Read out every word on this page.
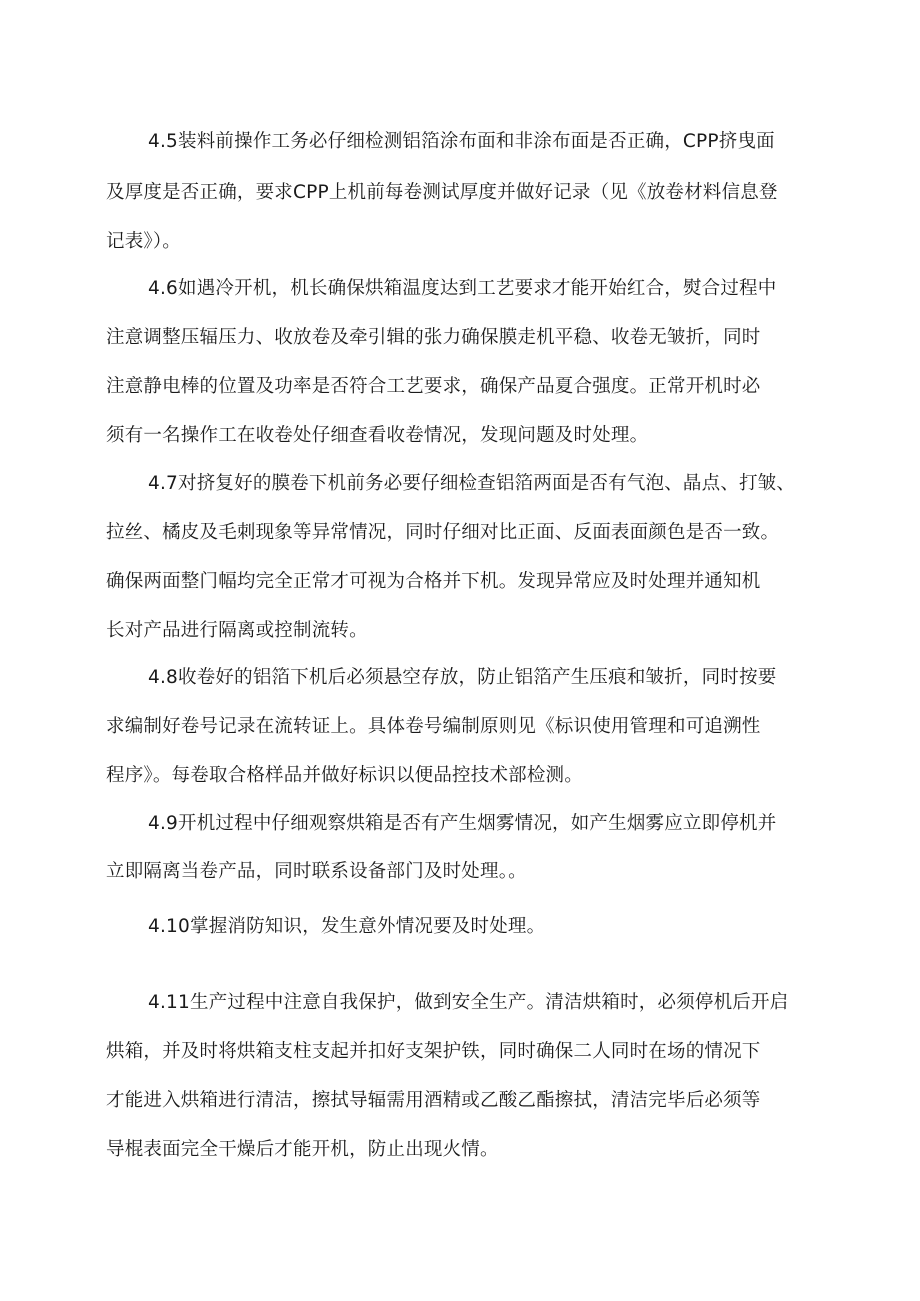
4.5装料前操作工务必仔细检测铝箔涂布面和非涂布面是否正确，CPP挤曳面
及厚度是否正确，要求CPP上机前每卷测试厚度并做好记录（见《放卷材料信息登
记表》）。
4.6如遇冷开机，机长确保烘箱温度达到工艺要求才能开始红合，熨合过程中
注意调整压辐压力、收放卷及牵引辑的张力确保膜走机平稳、收卷无皱折，同时
注意静电棒的位置及功率是否符合工艺要求，确保产品夏合强度。正常开机时必
须有一名操作工在收卷处仔细查看收卷情况，发现问题及时处理。
4.7对挤复好的膜卷下机前务必要仔细检查铝箔两面是否有气泡、晶点、打皱、
拉丝、橘皮及毛刺现象等异常情况，同时仔细对比正面、反面表面颜色是否一致。
确保两面整门幅均完全正常才可视为合格并下机。发现异常应及时处理并通知机
长对产品进行隔离或控制流转。
4.8收卷好的铝箔下机后必须悬空存放，防止铝箔产生压痕和皱折，同时按要
求编制好卷号记录在流转证上。具体卷号编制原则见《标识使用管理和可追溯性
程序》。每卷取合格样品并做好标识以便品控技术部检测。
4.9开机过程中仔细观察烘箱是否有产生烟雾情况，如产生烟雾应立即停机并
立即隔离当卷产品，同时联系设备部门及时处理。。
4.10掌握消防知识，发生意外情况要及时处理。
4.11生产过程中注意自我保护，做到安全生产。清洁烘箱时，必须停机后开启
烘箱，并及时将烘箱支柱支起并扣好支架护铁，同时确保二人同时在场的情况下
才能进入烘箱进行清洁，擦拭导辐需用酒精或乙酸乙酯擦拭，清洁完毕后必须等
导棍表面完全干燥后才能开机，防止出现火情。
